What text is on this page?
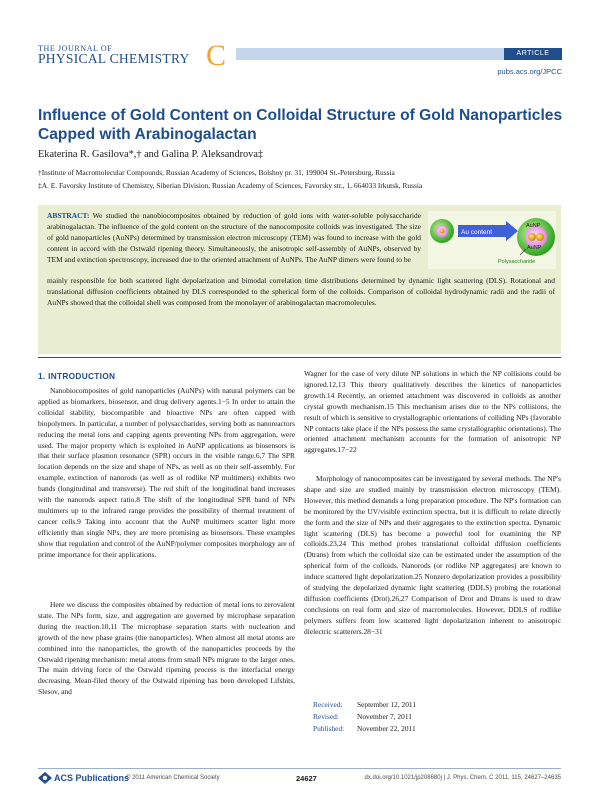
THE JOURNAL OF
PHYSICAL CHEMISTRY C	ARTICLE
pubs.acs.org/JPCC
Influence of Gold Content on Colloidal Structure of Gold Nanoparticles Capped with Arabinogalactan
Ekaterina R. Gasilova*,† and Galina P. Aleksandrova‡
†Institute of Macromolecular Compounds, Russian Academy of Sciences, Bolshoy pr. 31, 199004 St.-Petersburg, Russia
‡A. E. Favorsky Institute of Chemistry, Siberian Division, Russian Academy of Sciences, Favorsky str., 1, 664033 Irkutsk, Russia
ABSTRACT: We studied the nanobiocomposites obtained by reduction of gold ions with water-soluble polysaccharide arabinogalactan. The influence of the gold content on the structure of the nanocomposite colloids was investigated. The size of gold nanoparticles (AuNPs) determined by transmission electron microscopy (TEM) was found to increase with the gold content in accord with the Ostwald ripening theory. Simultaneously, the anisotropic self-assembly of AuNPs, observed by TEM and extinction spectroscopy, increased due to the oriented attachment of AuNPs. The AuNP dimers were found to be
mainly responsible for both scattered light depolarization and bimodal correlation time distributions determined by dynamic light scattering (DLS). Rotational and translational diffusion coefficients obtained by DLS corresponded to the spherical form of the colloids. Comparison of colloidal hydrodynamic radii and the radii of AuNPs showed that the colloidal shell was composed from the monolayer of arabinogalactan macromolecules.
Au content
AuNP
AuNP
Polysaccharide
1. INTRODUCTION

Nanobiocomposites of gold nanoparticles (AuNPs) with natural polymers can be applied as biomarkers, biosensor, and drug delivery agents.1−5 In order to attain the colloidal stability, biocompatible and bioactive NPs are often capped with biopolymers. In particular, a number of polysaccharides, serving both as nanoreactors reducing the metal ions and capping agents preventing NPs from aggregation, were used. The major property which is exploited in AuNP applications as biosensors is that their surface plasmon resonance (SPR) occurs in the visible range.6,7 The SPR location depends on the size and shape of NPs, as well as on their self-assembly. For example, extinction of nanorods (as well as of rodlike NP multimers) exhibits two bands (longitudinal and transverse). The red shift of the longitudinal band increases with the nanorods aspect ratio.8 The shift of the longitudinal SPR band of NPs multimers up to the infrared range provides the possibility of thermal treatment of cancer cells.9 Taking into account that the AuNP multimers scatter light more efficiently than single NPs, they are more promising as biosensors. These examples show that regulation and control of the AuNP/polymer composites morphology are of prime importance for their applications.

Here we discuss the composites obtained by reduction of metal ions to zerovalent state. The NPs form, size, and aggregation are governed by microphase separation during the reaction.10,11 The microphase separation starts with nucleation and growth of the new phase grains (the nanoparticles). When almost all metal atoms are combined into the nanoparticles, the growth of the nanoparticles proceeds by the Ostwald ripening mechanism: metal atoms from small NPs migrate to the larger ones. The main driving force of the Ostwald ripening process is the interfacial energy decreasing. Mean-filed theory of the Ostwald ripening has been developed Lifshits, Slesov, and

Wagner for the case of very dilute NP solutions in which the NP collisions could be ignored.12,13 This theory qualitatively describes the kinetics of nanoparticles growth.14 Recently, an oriented attachment was discovered in colloids as another crystal growth mechanism.15 This mechanism arises due to the NPs collisions, the result of which is sensitive to crystallographic orientations of colliding NPs (favorable NP contacts take place if the NPs possess the same crystallographic orientations). The oriented attachment mechanism accounts for the formation of anisotropic NP aggregates.17−22

Morphology of nanocomposites can be investigated by several methods. The NP's shape and size are studied mainly by transmission electron microscopy (TEM). However, this method demands a long preparation procedure. The NP's formation can be monitored by the UV/visible extinction spectra, but it is difficult to relate directly the form and the size of NPs and their aggregates to the extinction spectra. Dynamic light scattering (DLS) has become a powerful tool for examining the NP colloids.23,24 This method probes translational colloidal diffusion coefficients (Dtrans) from which the colloidal size can be estimated under the assumption of the spherical form of the colloids. Nanorods (or rodlike NP aggregates) are known to induce scattered light depolarization.25 Nonzero depolarization provides a possibility of studying the depolarized dynamic light scattering (DDLS) probing the rotational diffusion coefficients (Drot).26,27 Comparison of Drot and Dtrans is used to draw conclusions on real form and size of macromolecules. However, DDLS of rodlike polymers suffers from low scattered light depolarization inherent to anisotropic dielectric scatterers.28−31

Received: September 12, 2011
Revised: November 7, 2011
Published: November 22, 2011
ACS Publications
© 2011 American Chemical Society	24627	dx.doi.org/10.1021/jp208680j | J. Phys. Chem. C 2011, 115, 24627–24635
